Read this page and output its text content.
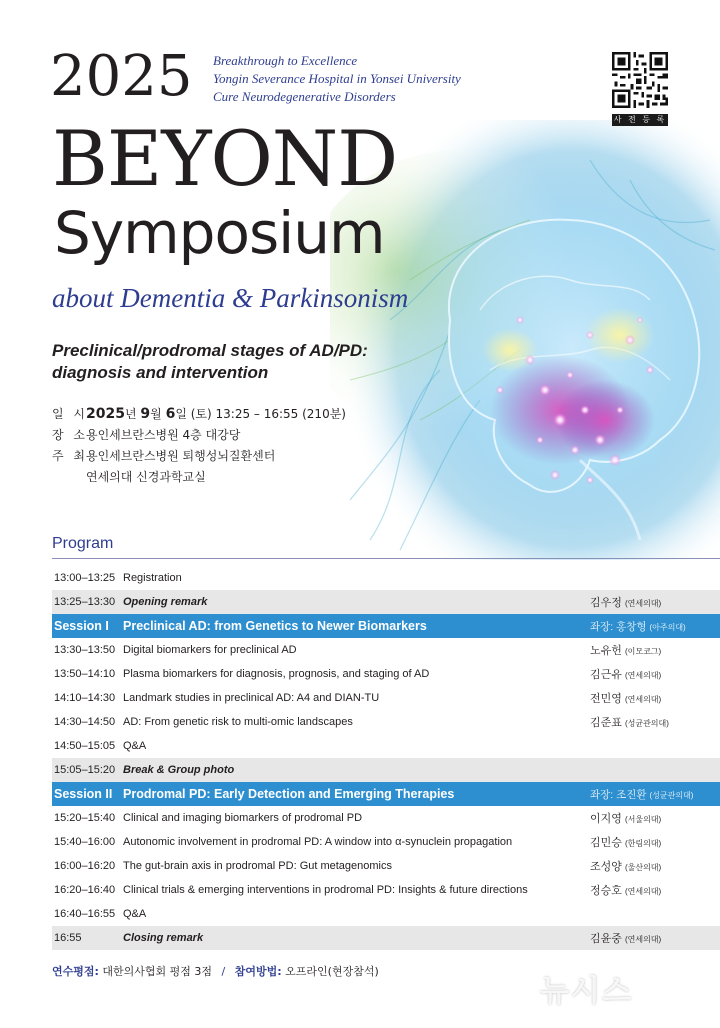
2025 Breakthrough to Excellence
Yongin Severance Hospital in Yonsei University
Cure Neurodegenerative Disorders
사 전 등 록
BEYOND
Symposium
about Dementia & Parkinsonism
Preclinical/prodromal stages of AD/PD:
diagnosis and intervention
일 시
2025년 9월 6일 (토) 13:25 – 16:55 (210분)
장 소
용인세브란스병원 4층 대강당
주 최
용인세브란스병원 퇴행성뇌질환센터
연세의대 신경과학교실
Program
13:00–13:25 Registration
13:25–13:30 Opening remark	김우정 (연세의대)
Session I	Preclinical AD: from Genetics to Newer Biomarkers	좌장: 홍창형 (아주의대)
13:30–13:50 Digital biomarkers for preclinical AD	노유헌 (이모코그)
13:50–14:10 Plasma biomarkers for diagnosis, prognosis, and staging of AD	김근유 (연세의대)
14:10–14:30 Landmark studies in preclinical AD: A4 and DIAN-TU	전민영 (연세의대)
14:30–14:50 AD: From genetic risk to multi-omic landscapes	김준표 (성균관의대)
14:50–15:05 Q&A
15:05–15:20 Break & Group photo
Session II Prodromal PD: Early Detection and Emerging Therapies	좌장: 조진환 (성균관의대)
15:20–15:40 Clinical and imaging biomarkers of prodromal PD	이지영 (서울의대)
15:40–16:00 Autonomic involvement in prodromal PD: A window into α-synuclein propagation	김민승 (한림의대)
16:00–16:20 The gut-brain axis in prodromal PD: Gut metagenomics	조성양 (울산의대)
16:20–16:40 Clinical trials & emerging interventions in prodromal PD: Insights & future directions	정승호 (연세의대)
16:40–16:55 Q&A
16:55	Closing remark	김윤중 (연세의대)
연수평점: 대한의사협회 평점 3점 / 참여방법: 오프라인(현장참석)
뉴시스
